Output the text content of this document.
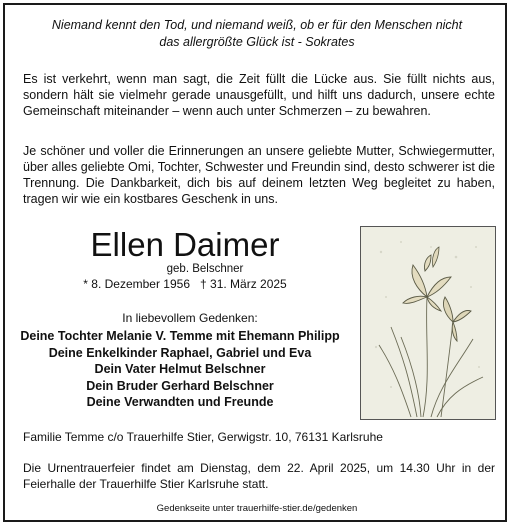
Niemand kennt den Tod, und niemand weiß, ob er für den Menschen nicht
das allergrößte Glück ist - Sokrates
Es ist verkehrt, wenn man sagt, die Zeit füllt die Lücke aus. Sie füllt nichts aus, sondern hält sie vielmehr gerade unausgefüllt, und hilft uns dadurch, unsere echte Gemeinschaft miteinander – wenn auch unter Schmerzen – zu bewahren.
Je schöner und voller die Erinnerungen an unsere geliebte Mutter, Schwiegermutter, über alles geliebte Omi, Tochter, Schwester und Freundin sind, desto schwerer ist die Trennung. Die Dankbarkeit, dich bis auf deinem letzten Weg begleitet zu haben, tragen wir wie ein kostbares Geschenk in uns.
Ellen Daimer
geb. Belschner
* 8. Dezember 1956 † 31. März 2025
In liebevollem Gedenken:
Deine Tochter Melanie V. Temme mit Ehemann Philipp
Deine Enkelkinder Raphael, Gabriel und Eva
Dein Vater Helmut Belschner
Dein Bruder Gerhard Belschner
Deine Verwandten und Freunde
Familie Temme c/o Trauerhilfe Stier, Gerwigstr. 10, 76131 Karlsruhe
Die Urnentrauerfeier findet am Dienstag, dem 22. April 2025, um 14.30 Uhr in der Feierhalle der Trauerhilfe Stier Karlsruhe statt.
Gedenkseite unter trauerhilfe-stier.de/gedenken
